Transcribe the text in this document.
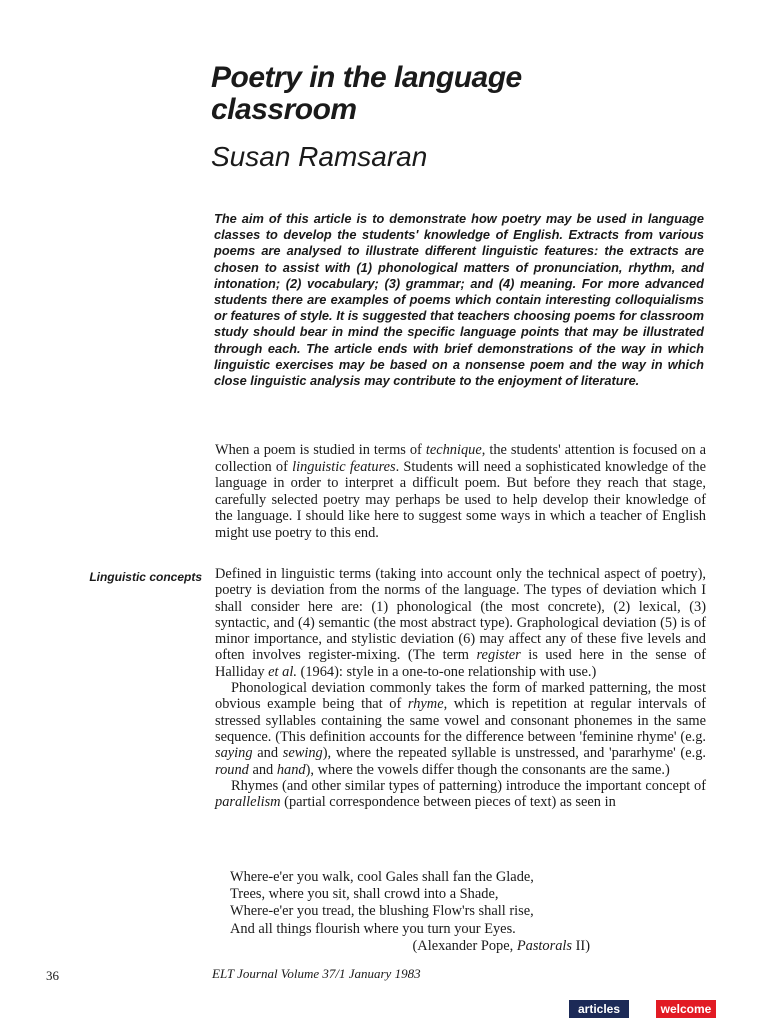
Poetry in the language classroom
Susan Ramsaran

The aim of this article is to demonstrate how poetry may be used in language classes to develop the students' knowledge of English. Extracts from various poems are analysed to illustrate different linguistic features: the extracts are chosen to assist with (1) phonological matters of pronunciation, rhythm, and intonation; (2) vocabulary; (3) grammar; and (4) meaning. For more advanced students there are examples of poems which contain interesting colloquialisms or features of style. It is suggested that teachers choosing poems for classroom study should bear in mind the specific language points that may be illustrated through each. The article ends with brief demonstrations of the way in which linguistic exercises may be based on a nonsense poem and the way in which close linguistic analysis may contribute to the enjoyment of literature.

When a poem is studied in terms of technique, the students' attention is focused on a collection of linguistic features. Students will need a sophisticated knowledge of the language in order to interpret a difficult poem. But before they reach that stage, carefully selected poetry may perhaps be used to help develop their knowledge of the language. I should like here to suggest some ways in which a teacher of English might use poetry to this end.

Linguistic concepts Defined in linguistic terms (taking into account only the technical aspect of poetry), poetry is deviation from the norms of the language. The types of deviation which I shall consider here are: (1) phonological (the most concrete), (2) lexical, (3) syntactic, and (4) semantic (the most abstract type). Graphological deviation (5) is of minor importance, and stylistic deviation (6) may affect any of these five levels and often involves register-mixing. (The term register is used here in the sense of Halliday et al. (1964): style in a one-to-one relationship with use.)

Phonological deviation commonly takes the form of marked patterning, the most obvious example being that of rhyme, which is repetition at regular intervals of stressed syllables containing the same vowel and consonant phonemes in the same sequence. (This definition accounts for the difference between 'feminine rhyme' (e.g. saying and sewing), where the repeated syllable is unstressed, and 'pararhyme' (e.g. round and hand), where the vowels differ though the consonants are the same.)

Rhymes (and other similar types of patterning) introduce the important concept of parallelism (partial correspondence between pieces of text) as seen in

Where-e'er you walk, cool Gales shall fan the Glade,
Trees, where you sit, shall crowd into a Shade,
Where-e'er you tread, the blushing Flow'rs shall rise,
And all things flourish where you turn your Eyes.
(Alexander Pope, Pastorals II)
36	ELT Journal Volume 37/1 January 1983
articles	welcome
